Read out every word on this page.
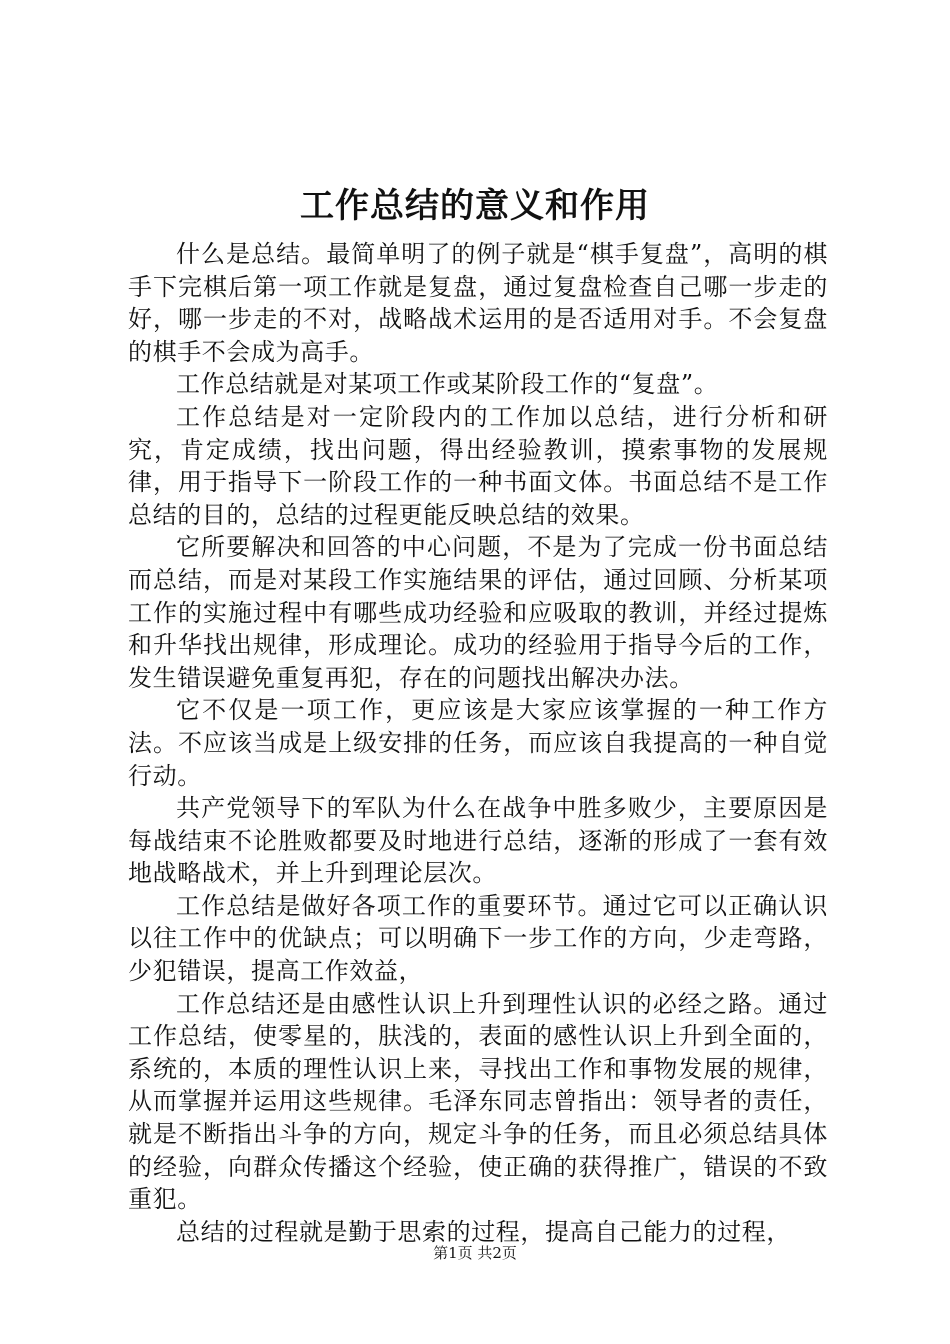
工作总结的意义和作用

什么是总结。最简单明了的例子就是“棋手复盘”，高明的棋手下完棋后第一项工作就是复盘，通过复盘检查自己哪一步走的好，哪一步走的不对，战略战术运用的是否适用对手。不会复盘的棋手不会成为高手。

工作总结就是对某项工作或某阶段工作的“复盘”。

工作总结是对一定阶段内的工作加以总结，进行分析和研究，肯定成绩，找出问题，得出经验教训，摸索事物的发展规律，用于指导下一阶段工作的一种书面文体。书面总结不是工作总结的目的，总结的过程更能反映总结的效果。

它所要解决和回答的中心问题，不是为了完成一份书面总结而总结，而是对某段工作实施结果的评估，通过回顾、分析某项工作的实施过程中有哪些成功经验和应吸取的教训，并经过提炼和升华找出规律，形成理论。成功的经验用于指导今后的工作，发生错误避免重复再犯，存在的问题找出解决办法。

它不仅是一项工作，更应该是大家应该掌握的一种工作方法。不应该当成是上级安排的任务，而应该自我提高的一种自觉行动。

共产党领导下的军队为什么在战争中胜多败少，主要原因是每战结束不论胜败都要及时地进行总结，逐渐的形成了一套有效地战略战术，并上升到理论层次。

工作总结是做好各项工作的重要环节。通过它可以正确认识以往工作中的优缺点；可以明确下一步工作的方向，少走弯路，少犯错误，提高工作效益，

工作总结还是由感性认识上升到理性认识的必经之路。通过工作总结，使零星的，肤浅的，表面的感性认识上升到全面的，系统的，本质的理性认识上来，寻找出工作和事物发展的规律，从而掌握并运用这些规律。毛泽东同志曾指出：领导者的责任，就是不断指出斗争的方向，规定斗争的任务，而且必须总结具体的经验，向群众传播这个经验，使正确的获得推广，错误的不致重犯。

总结的过程就是勤于思索的过程，提高自己能力的过程，

第1页 共2页
